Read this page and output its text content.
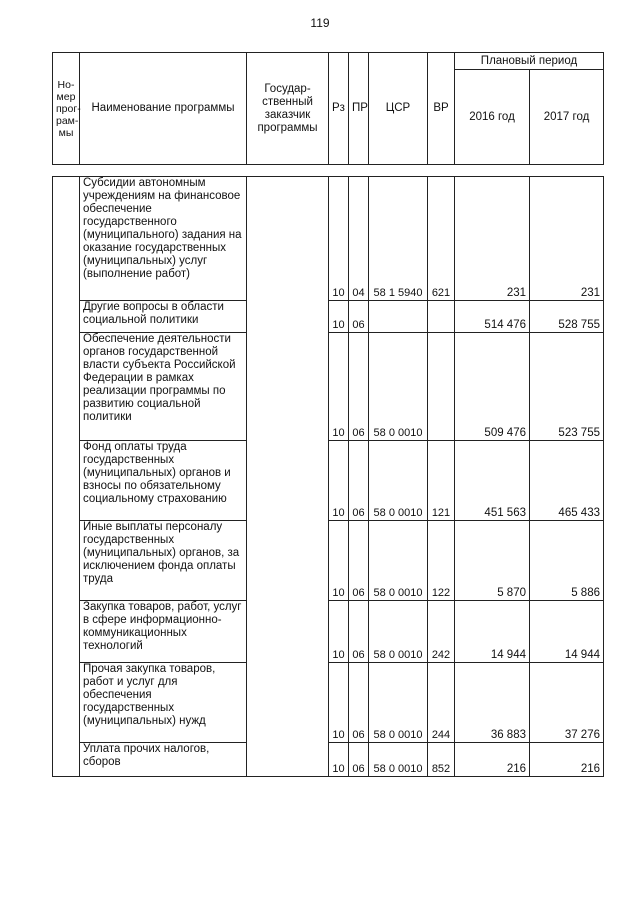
119
Но-
мер
прог-
рам-
мы	Наименование программы	Государ-
ственный
заказчик
программы	Рз	ПР	ЦСР	ВР	Плановый период	
							2016 год	2017 год
	Субсидии автономным учреждениям на финансовое обеспечение государственного (муниципального) задания на оказание государственных (муниципальных) услуг (выполнение работ)		10	04	58 1 5940	621	231	231
	Другие вопросы в области социальной политики		10	06			514 476	528 755
	Обеспечение деятельности органов государственной власти субъекта Российской Федерации в рамках реализации программы по развитию социальной политики		10	06	58 0 0010		509 476	523 755
	Фонд оплаты труда государственных (муниципальных) органов и взносы по обязательному социальному страхованию		10	06	58 0 0010	121	451 563	465 433
	Иные выплаты персоналу государственных (муниципальных) органов, за исключением фонда оплаты труда		10	06	58 0 0010	122	5 870	5 886
	Закупка товаров, работ, услуг в сфере информационно-коммуникационных технологий		10	06	58 0 0010	242	14 944	14 944
	Прочая закупка товаров, работ и услуг для обеспечения государственных (муниципальных) нужд		10	06	58 0 0010	244	36 883	37 276
	Уплата прочих налогов, сборов		10	06	58 0 0010	852	216	216
